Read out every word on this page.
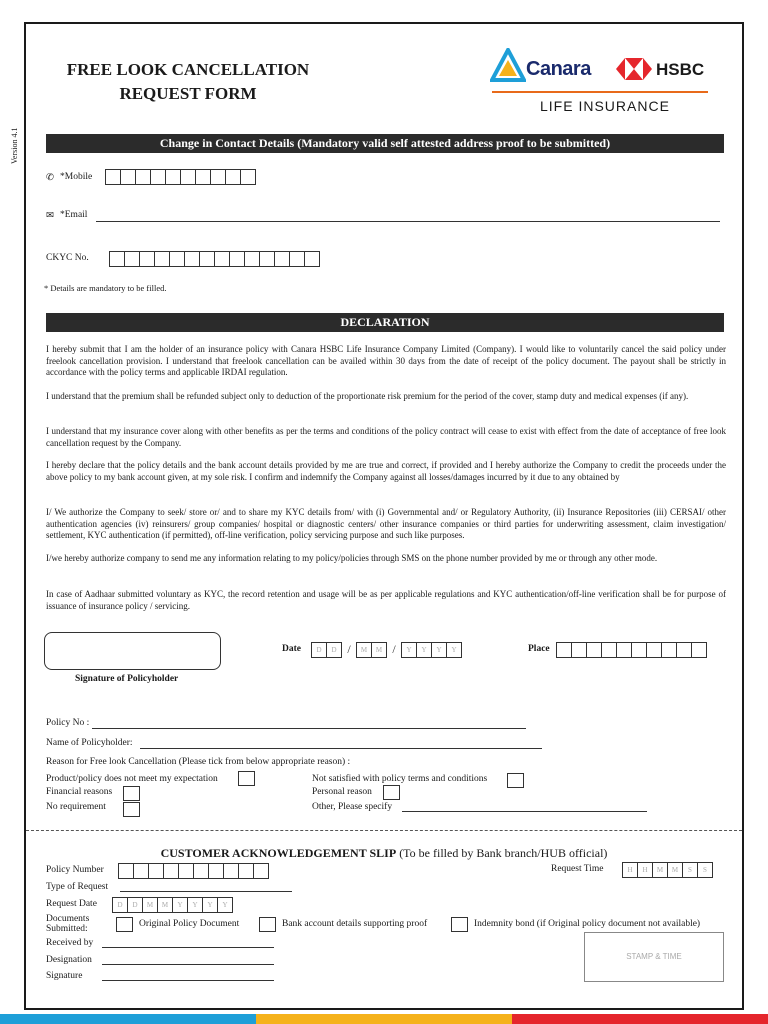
FREE LOOK CANCELLATION
REQUEST FORM
Canara	HSBC
LIFE INSURANCE
Version 4.1	Change in Contact Details (Mandatory valid self attested address proof to be submitted)
✆ *Mobile
✉ *Email
CKYC No.
* Details are mandatory to be filled.
DECLARATION
I hereby submit that I am the holder of an insurance policy with Canara HSBC Life Insurance Company Limited (Company). I would like to voluntarily cancel the said policy under freelook cancellation provision. I understand that freelook cancellation can be availed within 30 days from the date of receipt of the policy document. The payout shall be strictly in accordance with the policy terms and applicable IRDAI regulation.
I understand that the premium shall be refunded subject only to deduction of the proportionate risk premium for the period of the cover, stamp duty and medical expenses (if any).
I understand that my insurance cover along with other benefits as per the terms and conditions of the policy contract will cease to exist with effect from the date of acceptance of free look cancellation request by the Company.
I hereby declare that the policy details and the bank account details provided by me are true and correct, if provided and I hereby authorize the Company to credit the proceeds under the above policy to my bank account given, at my sole risk. I confirm and indemnify the Company against all losses/damages incurred by it due to any obtained by
I/ We authorize the Company to seek/ store or/ and to share my KYC details from/ with (i) Governmental and/ or Regulatory Authority, (ii) Insurance Repositories (iii) CERSAI/ other authentication agencies (iv) reinsurers/ group companies/ hospital or diagnostic centers/ other insurance companies or third parties for underwriting assessment, claim investigation/ settlement, KYC authentication (if permitted), off-line verification, policy servicing purpose and such like purposes.
I/we hereby authorize company to send me any information relating to my policy/policies through SMS on the phone number provided by me or through any other mode.
In case of Aadhaar submitted voluntary as KYC, the record retention and usage will be as per applicable regulations and KYC authentication/off-line verification shall be for purpose of issuance of insurance policy / servicing.
Signature of Policyholder
Date	D	D /	M	M /	Y	Y	Y	Y	Place
Policy No :
Name of Policyholder:
Reason for Free look Cancellation (Please tick from below appropriate reason) :
Product/policy does not meet my expectation
Financial reasons
No requirement
Not satisfied with policy terms and conditions
Personal reason
Other, Please specify
CUSTOMER ACKNOWLEDGEMENT SLIP (To be filled by Bank branch/HUB official)
Policy Number	Request Time	H	H	M	M	S	S
Type of Request
Request Date	D	D	M	M	Y	Y	Y	Y
Documents
Submitted:	Original Policy Document	Bank account details supporting proof	Indemnity bond (if Original policy document not available)
Received by
Designation
Signature
STAMP & TIME
